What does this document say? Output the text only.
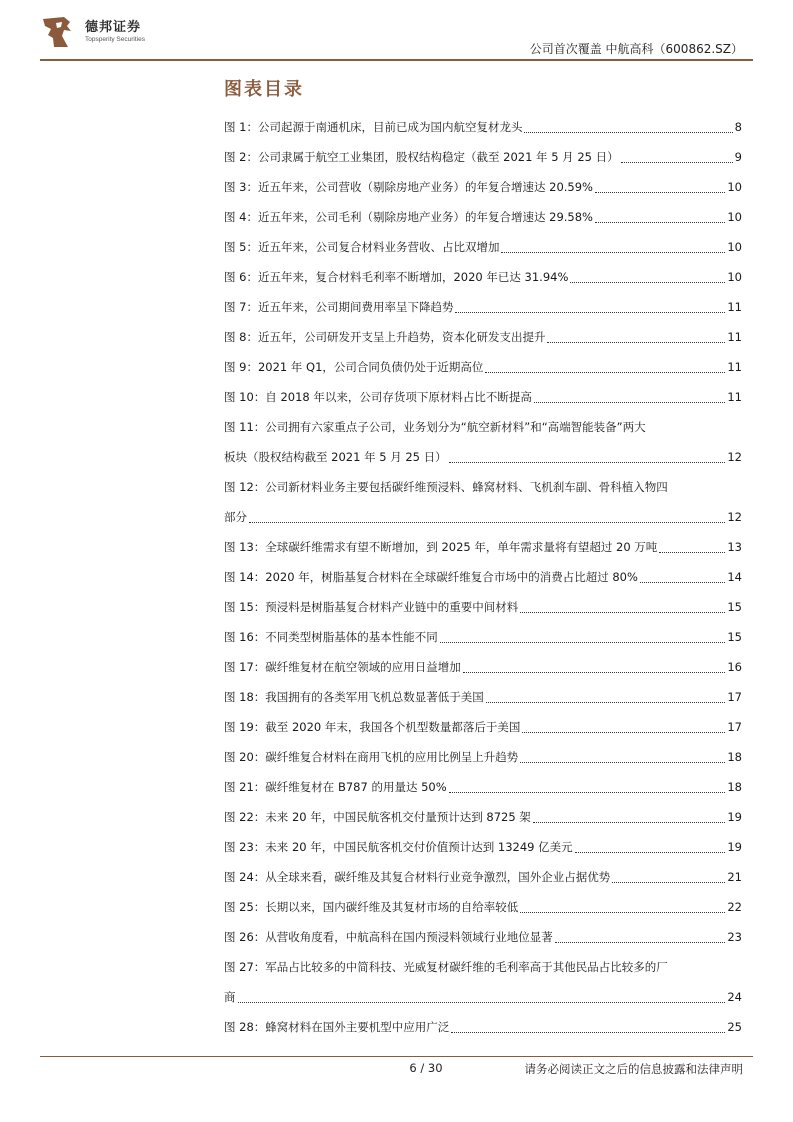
德邦证券
Topsperity Securities
公司首次覆盖 中航高科（600862.SZ）
图表目录
图 1：公司起源于南通机床，目前已成为国内航空复材龙头	8
图 2：公司隶属于航空工业集团，股权结构稳定（截至 2021 年 5 月 25 日）	9
图 3：近五年来，公司营收（剔除房地产业务）的年复合增速达 20.59%	10
图 4：近五年来，公司毛利（剔除房地产业务）的年复合增速达 29.58%	10
图 5：近五年来，公司复合材料业务营收、占比双增加	10
图 6：近五年来，复合材料毛利率不断增加，2020 年已达 31.94%	10
图 7：近五年来，公司期间费用率呈下降趋势	11
图 8：近五年，公司研发开支呈上升趋势，资本化研发支出提升	11
图 9：2021 年 Q1，公司合同负债仍处于近期高位	11
图 10：自 2018 年以来，公司存货项下原材料占比不断提高	11
图 11：公司拥有六家重点子公司，业务划分为“航空新材料”和“高端智能装备”两大
板块（股权结构截至 2021 年 5 月 25 日）	12
图 12：公司新材料业务主要包括碳纤维预浸料、蜂窝材料、飞机刹车副、骨科植入物四
部分	12
图 13：全球碳纤维需求有望不断增加，到 2025 年，单年需求量将有望超过 20 万吨	13
图 14：2020 年，树脂基复合材料在全球碳纤维复合市场中的消费占比超过 80%	14
图 15：预浸料是树脂基复合材料产业链中的重要中间材料	15
图 16：不同类型树脂基体的基本性能不同	15
图 17：碳纤维复材在航空领域的应用日益增加	16
图 18：我国拥有的各类军用飞机总数显著低于美国	17
图 19：截至 2020 年末，我国各个机型数量都落后于美国	17
图 20：碳纤维复合材料在商用飞机的应用比例呈上升趋势	18
图 21：碳纤维复材在 B787 的用量达 50%	18
图 22：未来 20 年，中国民航客机交付量预计达到 8725 架	19
图 23：未来 20 年，中国民航客机交付价值预计达到 13249 亿美元	19
图 24：从全球来看，碳纤维及其复合材料行业竞争激烈，国外企业占据优势	21
图 25：长期以来，国内碳纤维及其复材市场的自给率较低	22
图 26：从营收角度看，中航高科在国内预浸料领域行业地位显著	23
图 27：军品占比较多的中简科技、光威复材碳纤维的毛利率高于其他民品占比较多的厂
商	24
图 28：蜂窝材料在国外主要机型中应用广泛	25
6 / 30	请务必阅读正文之后的信息披露和法律声明
